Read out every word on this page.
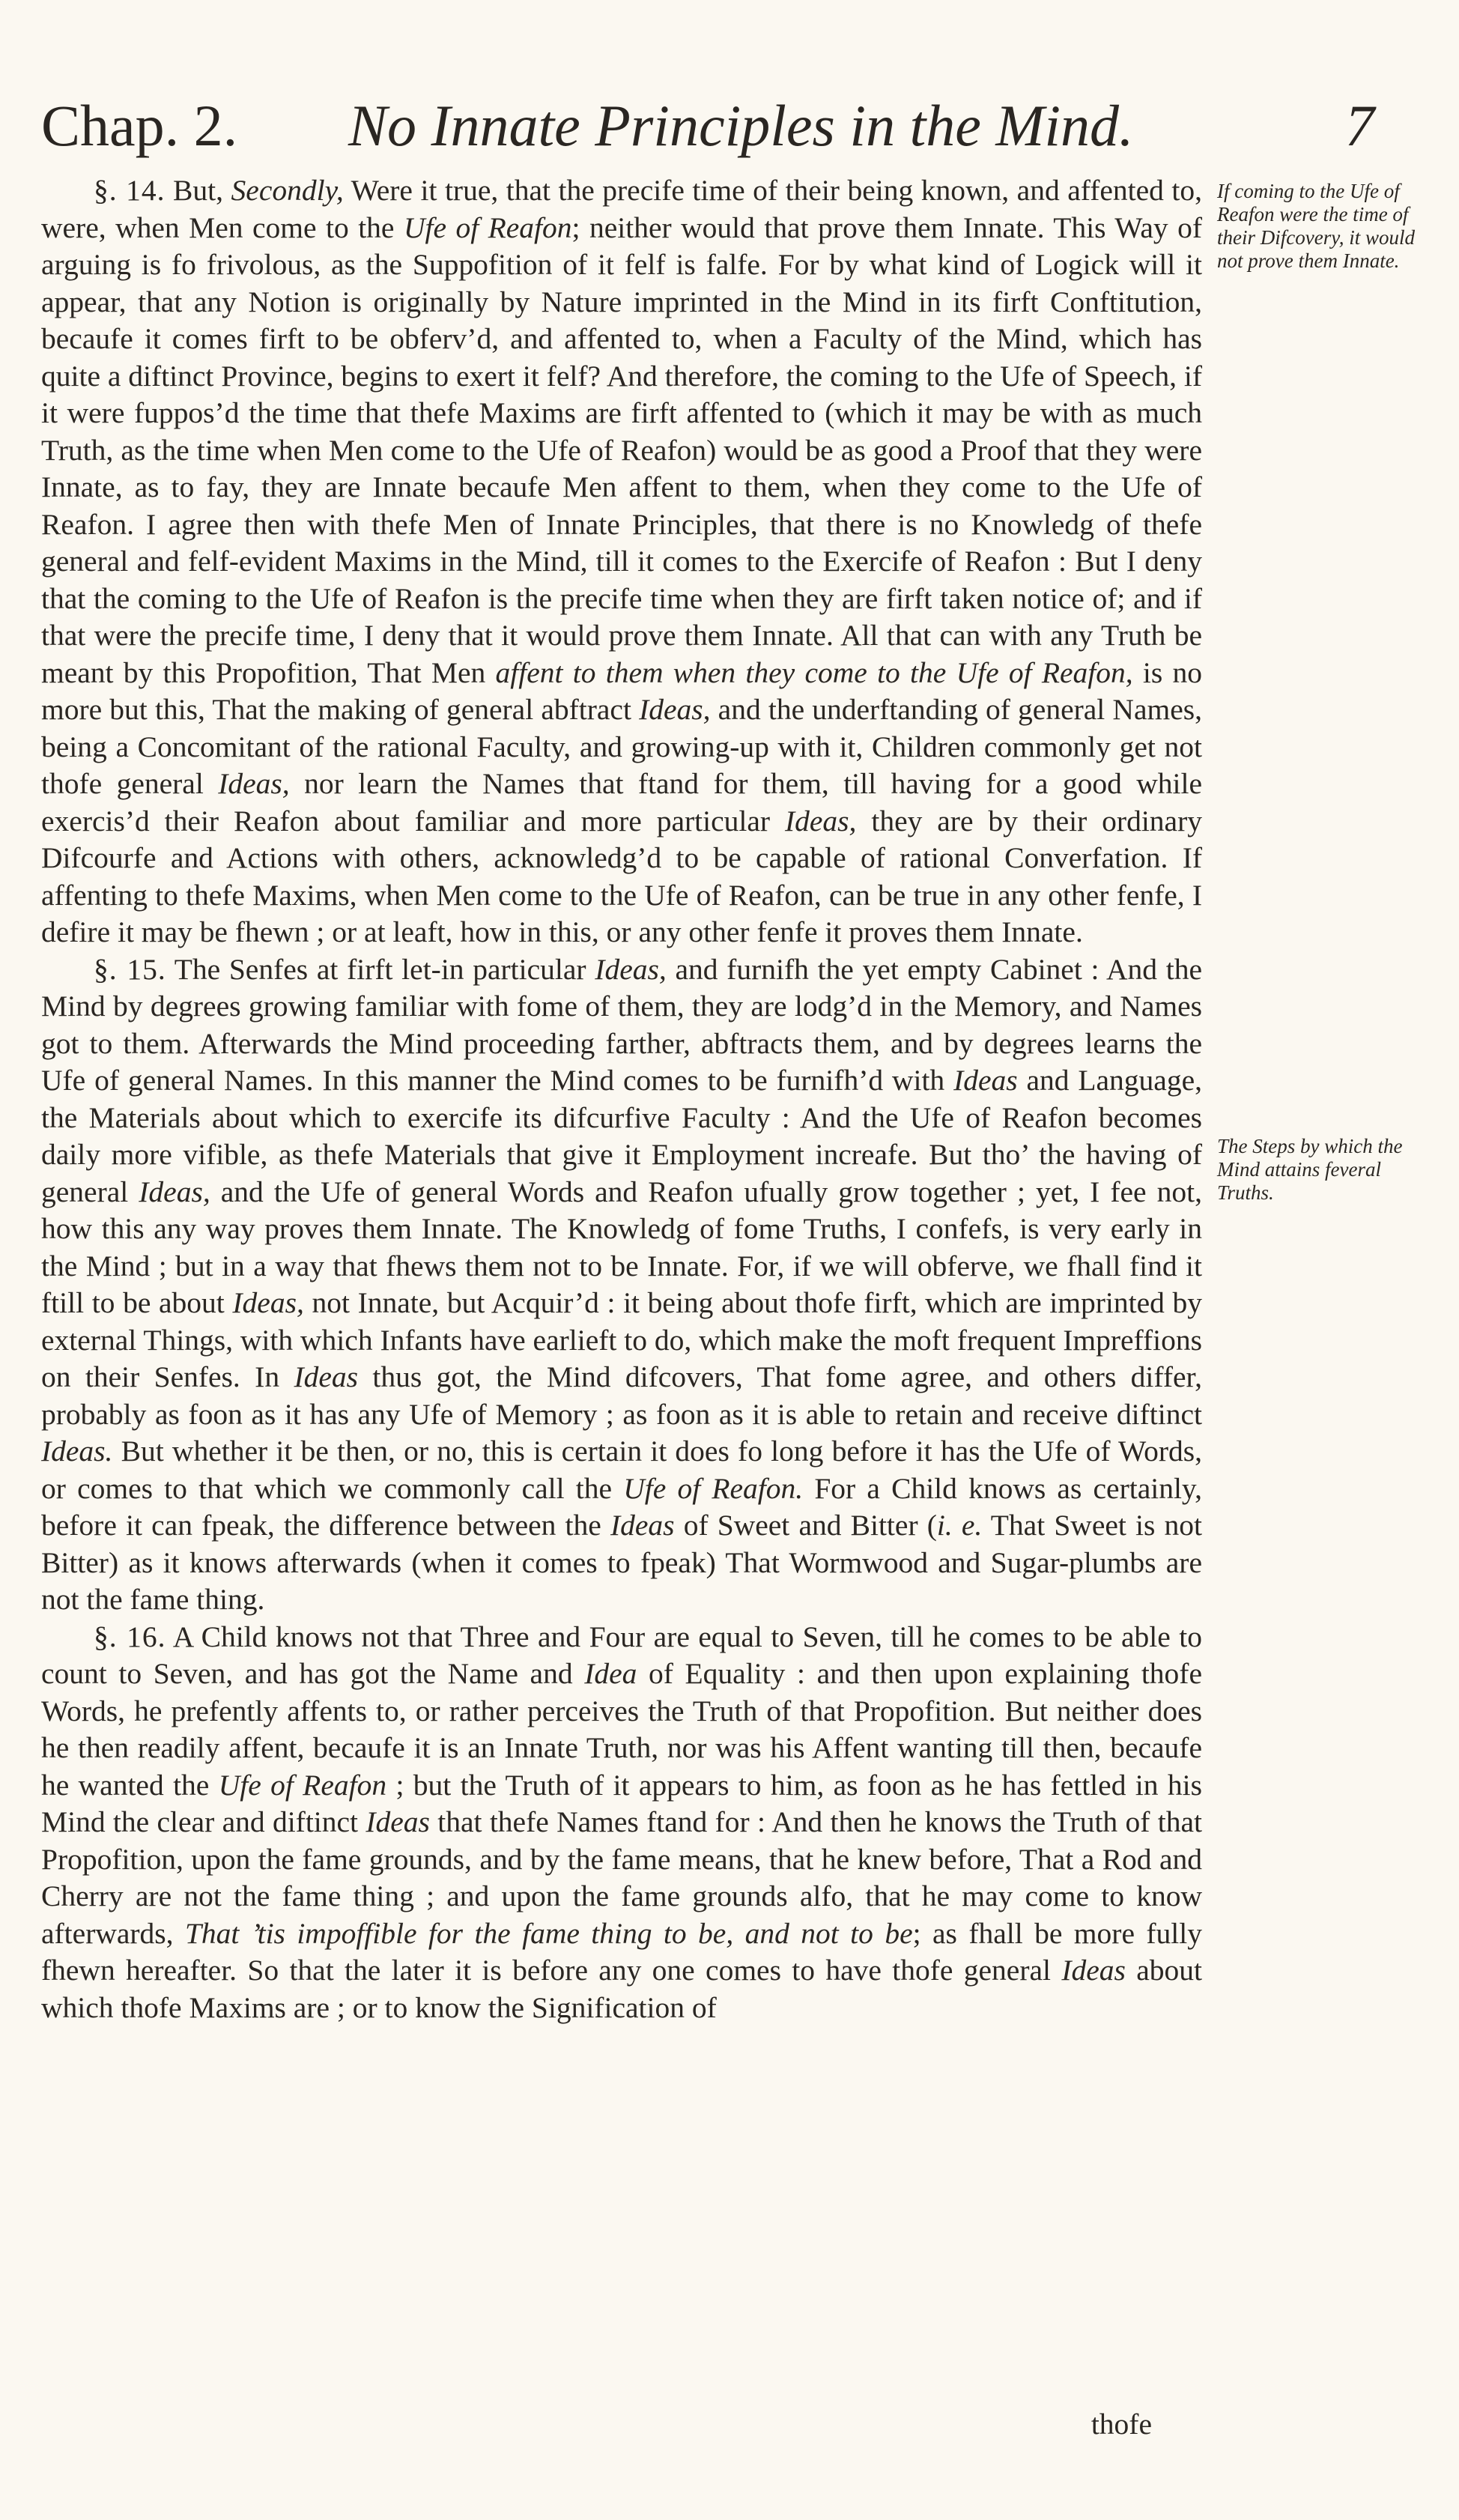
Chap. 2. No Innate Principles in the Mind.	7

§. 14. But, Secondly, Were it true, that the precife time of their being known, and affented to, were, when Men come to the Ufe of Reafon; neither would that prove them Innate. This Way of arguing is fo frivolous, as the Suppofition of it felf is falfe. For by what kind of Logick will it appear, that any Notion is originally by Nature imprinted in the Mind in its firft Conftitution, becaufe it comes firft to be obferv’d, and affented to, when a Faculty of the Mind, which has quite a diftinct Province, begins to exert it felf? And therefore, the coming to the Ufe of Speech, if it were fuppos’d the time that thefe Maxims are firft affented to (which it may be with as much Truth, as the time when Men come to the Ufe of Reafon) would be as good a Proof that they were Innate, as to fay, they are Innate becaufe Men affent to them, when they come to the Ufe of Reafon. I agree then with thefe Men of Innate Principles, that there is no Knowledg of thefe general and felf-evident Maxims in the Mind, till it comes to the Exercife of Reafon : But I deny that the coming to the Ufe of Reafon is the precife time when they are firft taken notice of; and if that were the precife time, I deny that it would prove them Innate. All that can with any Truth be meant by this Propofition, That Men affent to them when they come to the Ufe of Reafon, is no more but this, That the making of general abftract Ideas, and the underftanding of general Names, being a Concomitant of the rational Faculty, and growing-up with it, Children commonly get not thofe general Ideas, nor learn the Names that ftand for them, till having for a good while exercis’d their Reafon about familiar and more particular Ideas, they are by their ordinary Difcourfe and Actions with others, acknowledg’d to be capable of rational Converfation. If affenting to thefe Maxims, when Men come to the Ufe of Reafon, can be true in any other fenfe, I defire it may be fhewn ; or at leaft, how in this, or any other fenfe it proves them Innate.

§. 15. The Senfes at firft let-in particular Ideas, and furnifh the yet empty Cabinet : And the Mind by degrees growing familiar with fome of them, they are lodg’d in the Memory, and Names got to them. Afterwards the Mind proceeding farther, abftracts them, and by degrees learns the Ufe of general Names. In this manner the Mind comes to be furnifh’d with Ideas and Language, the Materials about which to exercife its difcurfive Faculty : And the Ufe of Reafon becomes daily more vifible, as thefe Materials that give it Employment increafe. But tho’ the having of general Ideas, and the Ufe of general Words and Reafon ufually grow together ; yet, I fee not, how this any way proves them Innate. The Knowledg of fome Truths, I confefs, is very early in the Mind ; but in a way that fhews them not to be Innate. For, if we will obferve, we fhall find it ftill to be about Ideas, not Innate, but Acquir’d : it being about thofe firft, which are imprinted by external Things, with which Infants have earlieft to do, which make the moft frequent Impreffions on their Senfes. In Ideas thus got, the Mind difcovers, That fome agree, and others differ, probably as foon as it has any Ufe of Memory ; as foon as it is able to retain and receive diftinct Ideas. But whether it be then, or no, this is certain it does fo long before it has the Ufe of Words, or comes to that which we commonly call the Ufe of Reafon. For a Child knows as certainly, before it can fpeak, the difference between the Ideas of Sweet and Bitter (i. e. That Sweet is not Bitter) as it knows afterwards (when it comes to fpeak) That Wormwood and Sugar-plumbs are not the fame thing.

§. 16. A Child knows not that Three and Four are equal to Seven, till he comes to be able to count to Seven, and has got the Name and Idea of Equality : and then upon explaining thofe Words, he prefently affents to, or rather perceives the Truth of that Propofition. But neither does he then readily affent, becaufe it is an Innate Truth, nor was his Affent wanting till then, becaufe he wanted the Ufe of Reafon ; but the Truth of it appears to him, as foon as he has fettled in his Mind the clear and diftinct Ideas that thefe Names ftand for : And then he knows the Truth of that Propofition, upon the fame grounds, and by the fame means, that he knew before, That a Rod and Cherry are not the fame thing ; and upon the fame grounds alfo, that he may come to know afterwards, That ’tis impoffible for the fame thing to be, and not to be; as fhall be more fully fhewn hereafter. So that the later it is before any one comes to have thofe general Ideas about which thofe Maxims are ; or to know the Signification of

If coming to the Ufe of Reafon were the time of their Difcovery, it would not prove them Innate.
The Steps by which the Mind attains feveral Truths.
thofe
